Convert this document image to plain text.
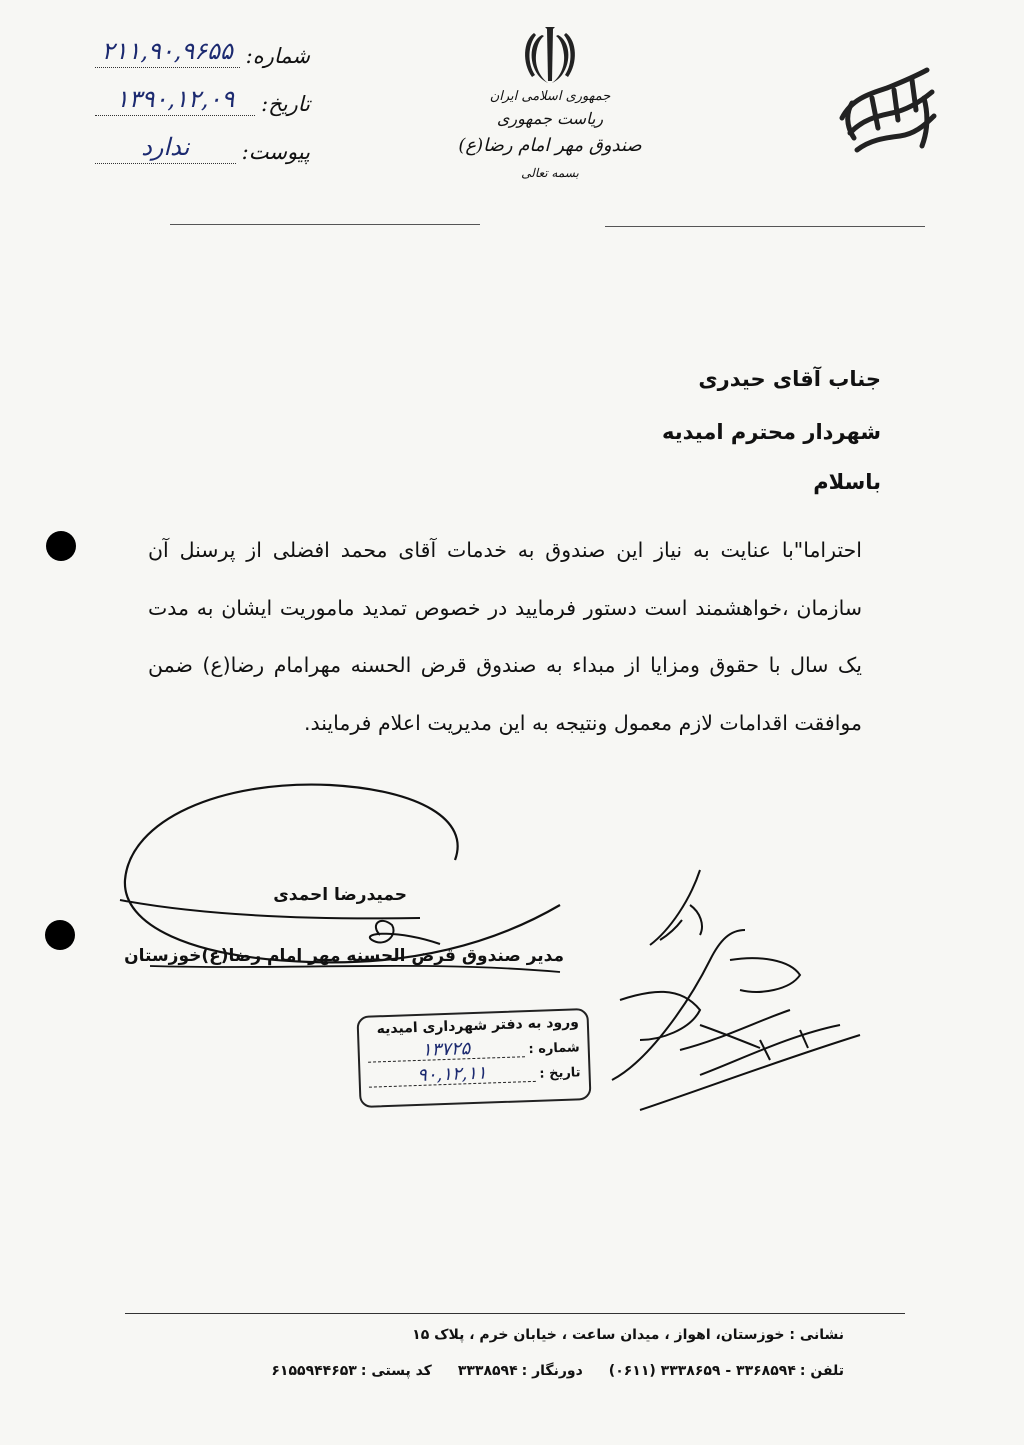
شماره:
۲۱۱,۹۰,۹۶۵۵
تاریخ:
۱۳۹۰,۱۲,۰۹
پیوست:
ندارد
جمهوری اسلامی ایران
ریاست جمهوری
صندوق مهر امام رضا(ع)
بسمه تعالی
جناب آقای حیدری
شهردار محترم امیدیه
باسلام
احتراما"با عنایت به نیاز این صندوق به خدمات آقای محمد افضلی از پرسنل آن سازمان ،خواهشمند است دستور فرمایید در خصوص تمدید ماموریت ایشان به مدت یک سال با حقوق ومزایا از مبداء به صندوق قرض الحسنه مهرامام رضا(ع) ضمن موافقت اقدامات لازم معمول ونتیجه به این مدیریت اعلام فرمایند.
حمیدرضا احمدی
مدیر صندوق قرض الحسنه مهر امام رضا(ع)خوزستان
ورود به دفتر شهرداری امیدیه
شماره :
۱۳۷۲۵
تاریخ :
۹۰,۱۲,۱۱
نشانی : خوزستان، اهواز ، میدان ساعت ، خیابان خرم ، پلاک ۱۵
تلفن :
۳۳۶۸۵۹۴ - ۳۳۳۸۶۵۹ (۰۶۱۱)
دورنگار :
۳۳۳۸۵۹۴
کد پستی :
۶۱۵۵۹۴۴۶۵۳
